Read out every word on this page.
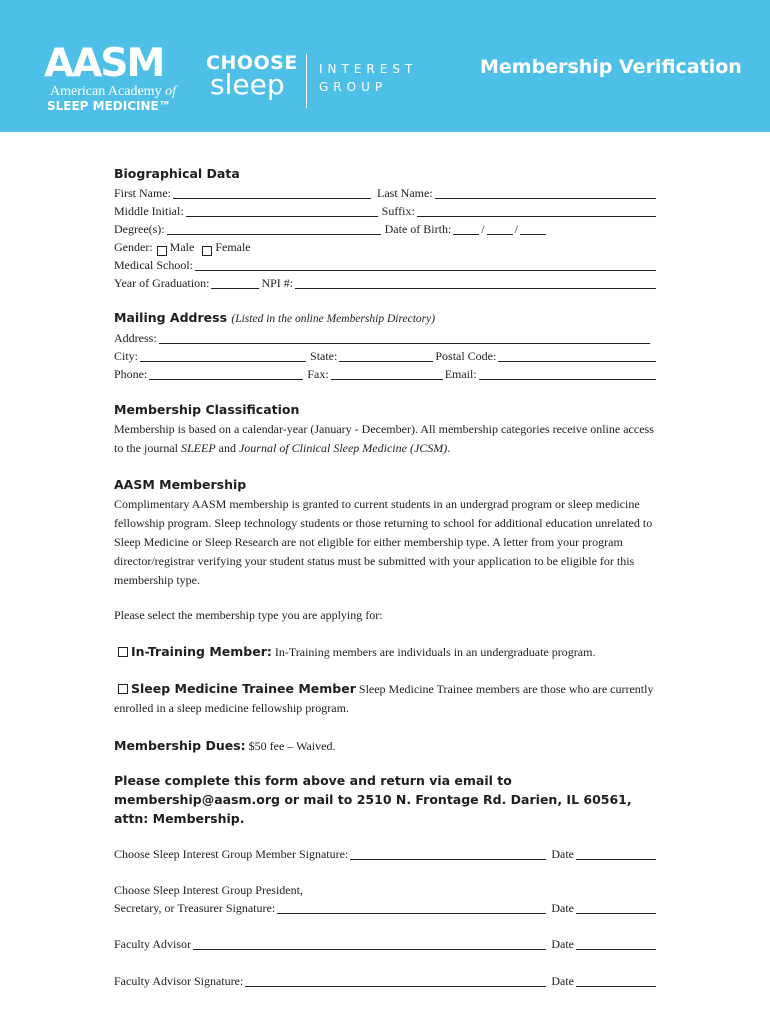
AASM
American Academy of
SLEEP MEDICINE™
CHOOSE
sleep	INTEREST
GROUP
Membership Verification
Biographical Data
First Name:	Last Name:
Middle Initial:	Suffix:
Degree(s):	Date of Birth:	/	/
Gender: Male Female
Medical School:
Year of Graduation:	NPI #:
Mailing Address (Listed in the online Membership Directory)
Address:
City:	State:	Postal Code:
Phone:	Fax:	Email:
Membership Classification

Membership is based on a calendar-year (January - December). All membership categories receive online access to the journal SLEEP and Journal of Clinical Sleep Medicine (JCSM).

AASM Membership

Complimentary AASM membership is granted to current students in an undergrad program or sleep medicine fellowship program. Sleep technology students or those returning to school for additional education unrelated to Sleep Medicine or Sleep Research are not eligible for either membership type. A letter from your program director/registrar verifying your student status must be submitted with your application to be eligible for this membership type.

Please select the membership type you are applying for:

In-Training Member: In-Training members are individuals in an undergraduate program.

Sleep Medicine Trainee Member Sleep Medicine Trainee members are those who are currently enrolled in a sleep medicine fellowship program.

Membership Dues: $50 fee – Waived.

Please complete this form above and return via email to membership@aasm.org or mail to 2510 N. Frontage Rd. Darien, IL 60561, attn: Membership.

Choose Sleep Interest Group Member Signature:	Date
Choose Sleep Interest Group President,
Secretary, or Treasurer Signature:	Date
Faculty Advisor	Date
Faculty Advisor Signature:	Date
